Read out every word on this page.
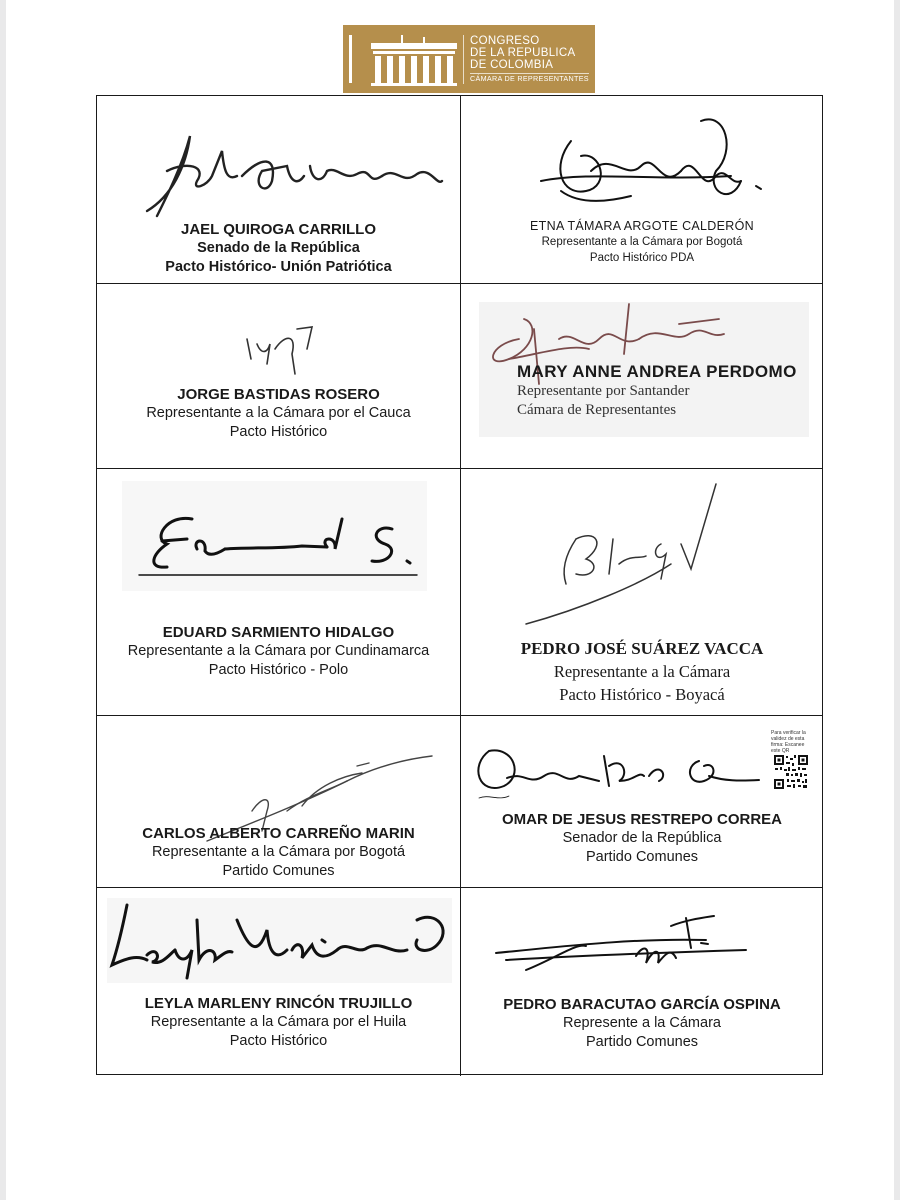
CONGRESO
DE LA REPUBLICA
DE COLOMBIA
CÁMARA DE REPRESENTANTES
JAEL QUIROGA CARRILLO
Senado de la República
Pacto Histórico- Unión Patriótica
ETNA TÁMARA ARGOTE CALDERÓN
Representante a la Cámara por Bogotá
Pacto Histórico PDA
JORGE BASTIDAS ROSERO
Representante a la Cámara por el Cauca
Pacto Histórico
MARY ANNE ANDREA PERDOMO
Representante por Santander
Cámara de Representantes
EDUARD SARMIENTO HIDALGO
Representante a la Cámara por Cundinamarca
Pacto Histórico - Polo
PEDRO JOSÉ SUÁREZ VACCA
Representante a la Cámara
Pacto Histórico - Boyacá
CARLOS ALBERTO CARREÑO MARIN
Representante a la Cámara por Bogotá
Partido Comunes
Para verificar la validez de esta firma: Escanee este QR
OMAR DE JESUS RESTREPO CORREA
Senador de la República
Partido Comunes
LEYLA MARLENY RINCÓN TRUJILLO
Representante a la Cámara por el Huila
Pacto Histórico
PEDRO BARACUTAO GARCÍA OSPINA
Represente a la Cámara
Partido Comunes
